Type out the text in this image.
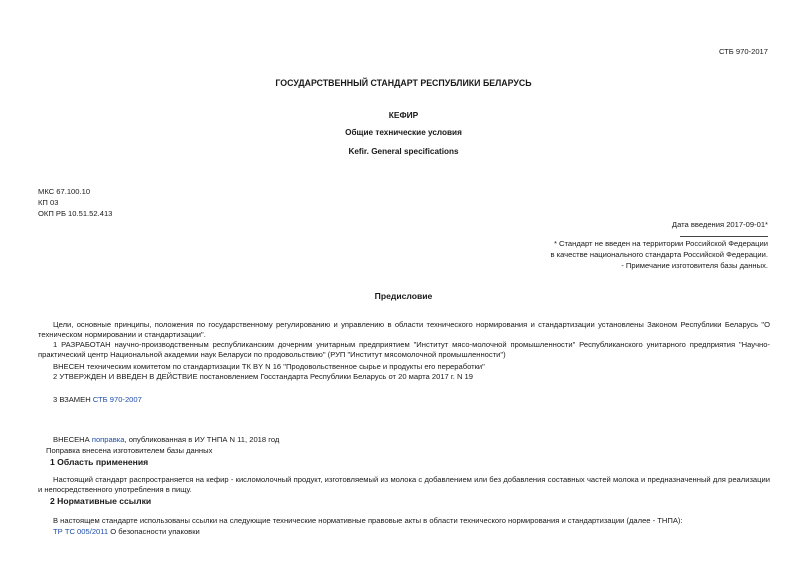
СТБ 970-2017
ГОСУДАРСТВЕННЫЙ СТАНДАРТ РЕСПУБЛИКИ БЕЛАРУСЬ
КЕФИР
Общие технические условия
Kefir. General specifications
МКС 67.100.10
КП 03
ОКП РБ 10.51.52.413
Дата введения 2017-09-01*
* Стандарт не введен на территории Российской Федерации
в качестве национального стандарта Российской Федерации.
- Примечание изготовителя базы данных.
Предисловие
Цели, основные принципы, положения по государственному регулированию и управлению в области технического нормирования и стандартизации установлены Законом Республики Беларусь "О техническом нормировании и стандартизации".
1 РАЗРАБОТАН научно-производственным республиканским дочерним унитарным предприятием "Институт мясо-молочной промышленности" Республиканского унитарного предприятия "Научно-практический центр Национальной академии наук Беларуси по продовольствию" (РУП "Институт мясомолочной промышленности")
ВНЕСЕН техническим комитетом по стандартизации ТК BY N 16 "Продовольственное сырье и продукты его переработки"
2 УТВЕРЖДЕН И ВВЕДЕН В ДЕЙСТВИЕ постановлением Госстандарта Республики Беларусь от 20 марта 2017 г. N 19
3 ВЗАМЕН СТБ 970-2007
ВНЕСЕНА поправка, опубликованная в ИУ ТНПА N 11, 2018 год
Поправка внесена изготовителем базы данных
1 Область применения
Настоящий стандарт распространяется на кефир - кисломолочный продукт, изготовляемый из молока с добавлением или без добавления составных частей молока и предназначенный для реализации и непосредственного употребления в пищу.
2 Нормативные ссылки
В настоящем стандарте использованы ссылки на следующие технические нормативные правовые акты в области технического нормирования и стандартизации (далее - ТНПА):
ТР ТС 005/2011 О безопасности упаковки
